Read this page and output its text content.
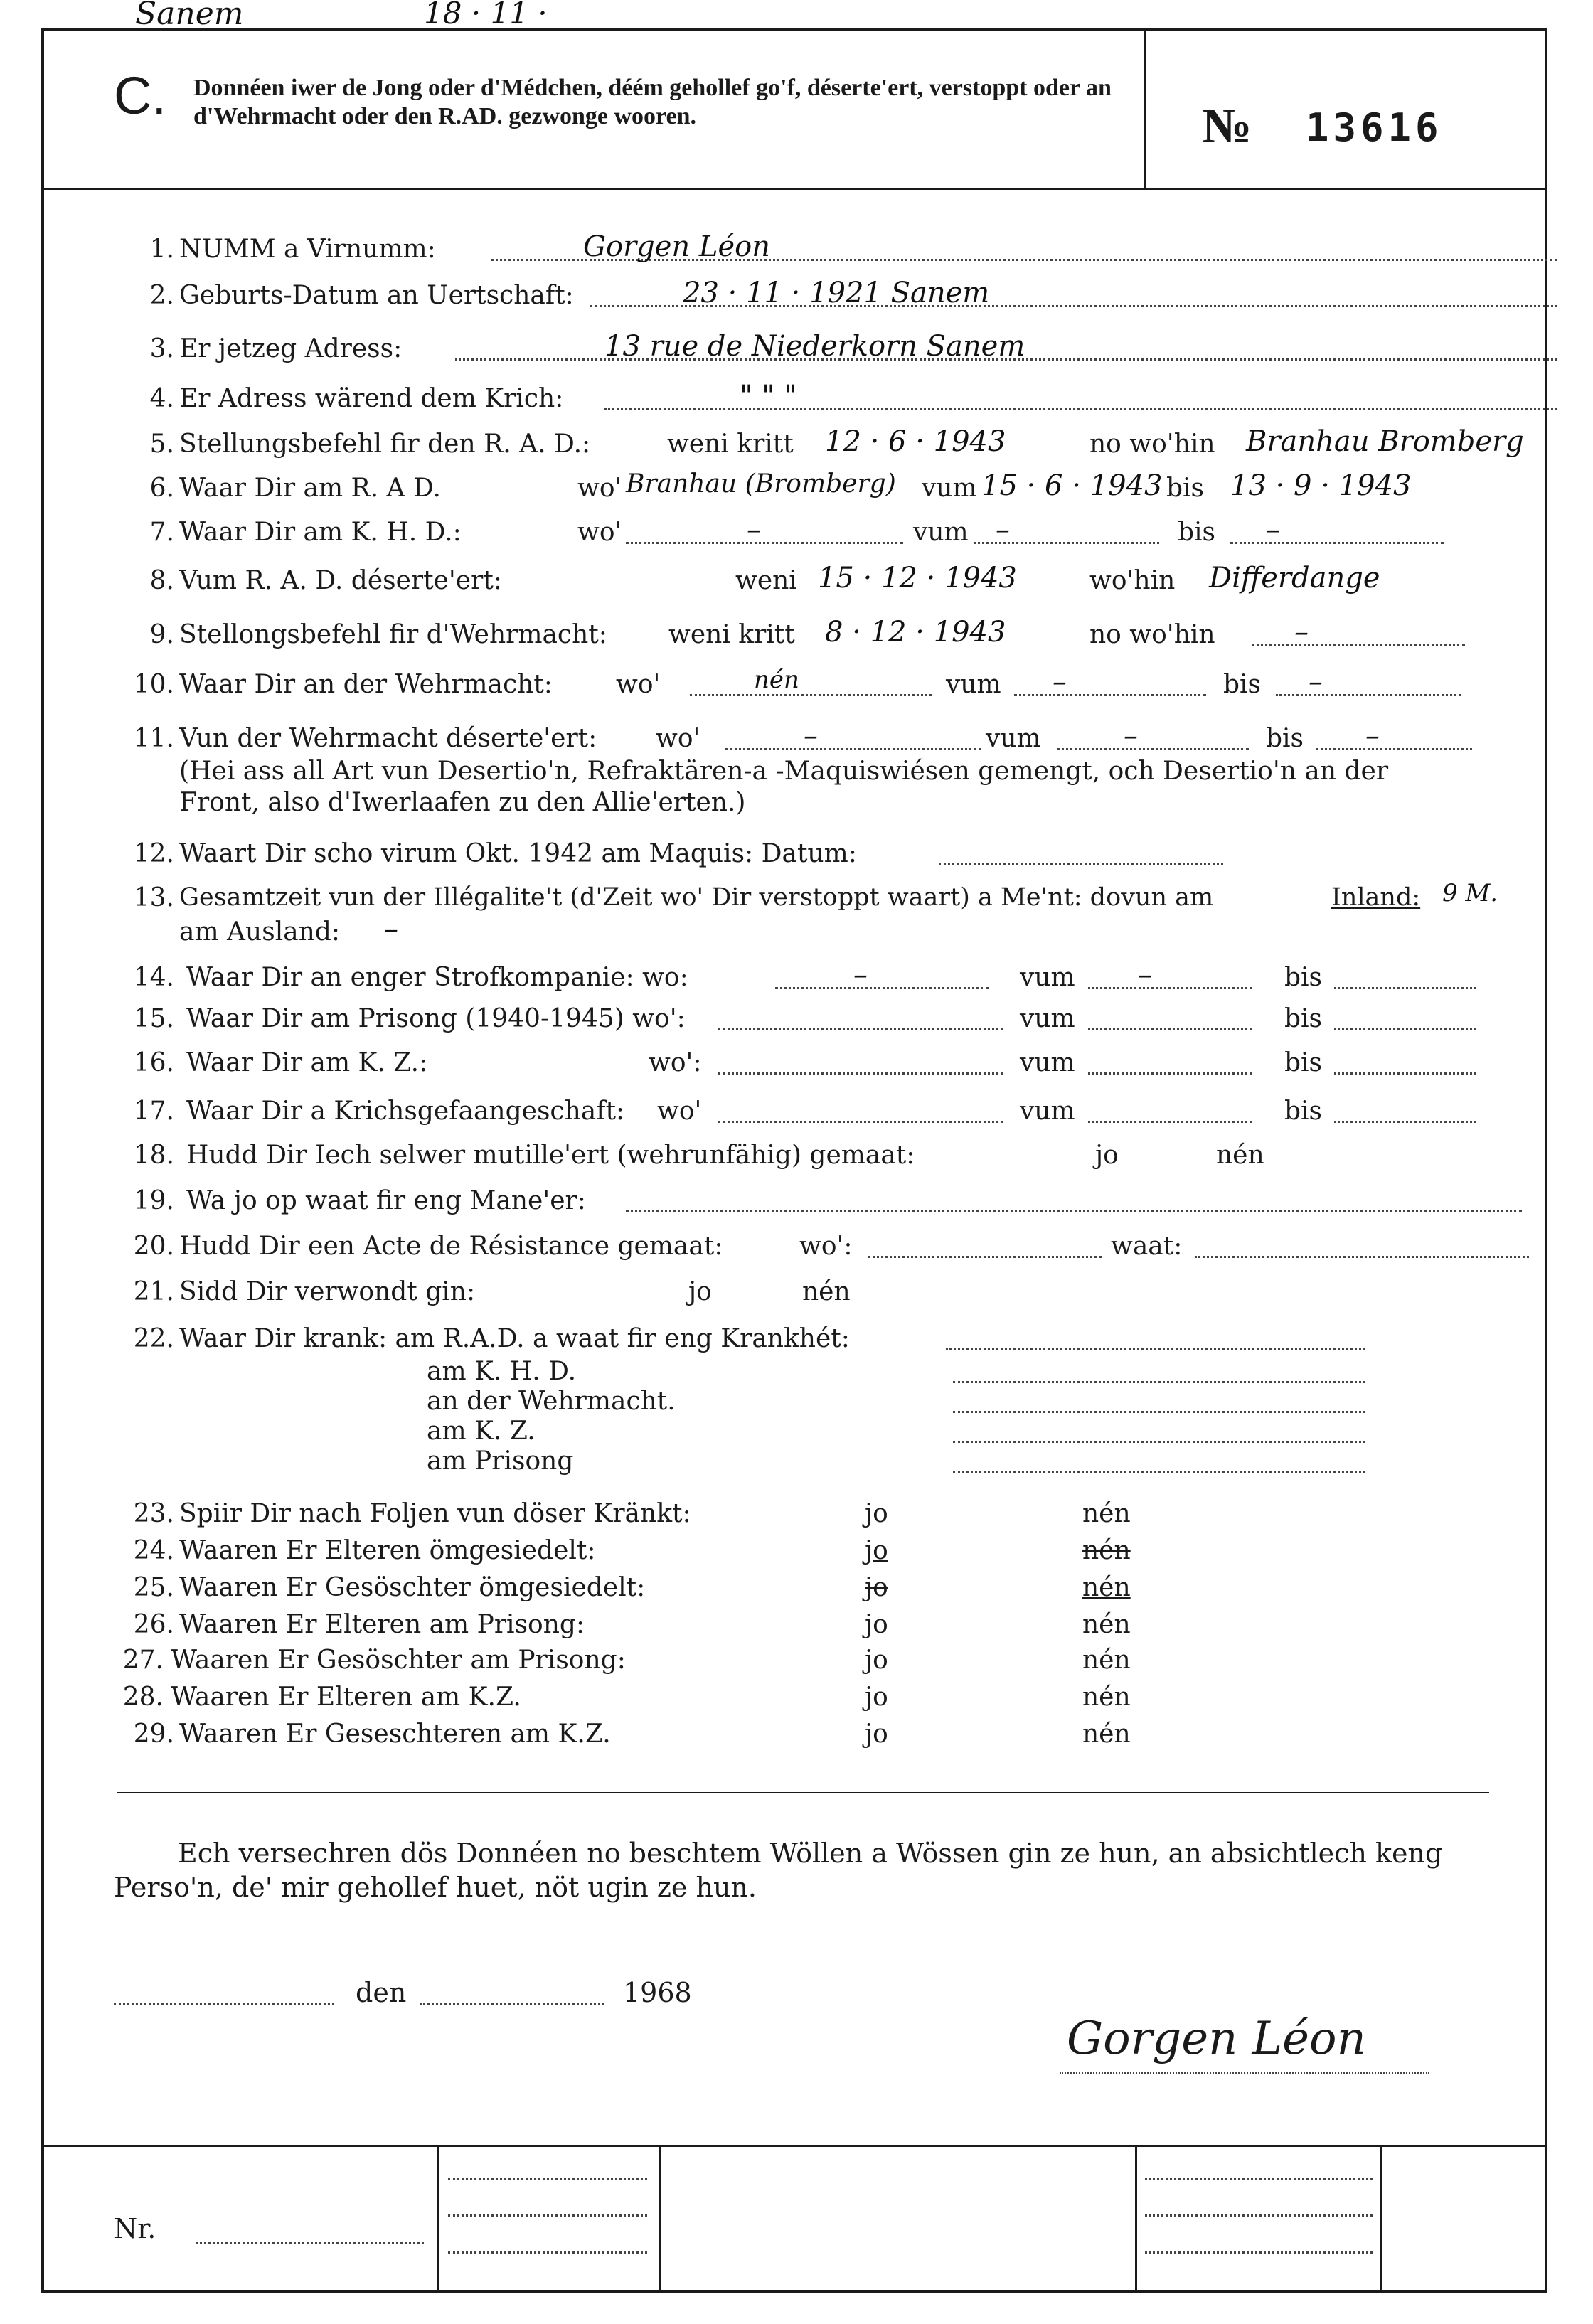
C. Donnéen iwer de Jong oder d'Médchen, déém gehollef go'f, déserte'ert, verstoppt oder an d'Wehrmacht oder den R.AD. gezwonge wooren.	№ 13616
1. NUMM a Virnumm:	Gorgen Léon
2. Geburts-Datum an Uertschaft:	23 · 11 · 1921 Sanem
3. Er jetzeg Adress:	13 rue de Niederkorn Sanem
4. Er Adress wärend dem Krich:	" " "
5. Stellungsbefehl fir den R. A. D.:	weni kritt 12 · 6 · 1943	no wo'hin Branhau Bromberg
6. Waar Dir am R. A D.	wo' Branhau (Bromberg) vum 15 · 6 · 1943 bis 13 · 9 · 1943
7. Waar Dir am K. H. D.:	wo'	–	vum –	bis –
8. Vum R. A. D. déserte'ert:	weni 15 · 12 · 1943	wo'hin Differdange
9. Stellongsbefehl fir d'Wehrmacht: weni kritt 8 · 12 · 1943	no wo'hin	–
10. Waar Dir an der Wehrmacht: wo'	nén	vum –	bis –
11. Vun der Wehrmacht déserte'ert: wo'	–	vum	–	bis –
(Hei ass all Art vun Desertio'n, Refraktären-a -Maquiswiésen gemengt, och Desertio'n an der
Front, also d'Iwerlaafen zu den Allie'erten.)
12. Waart Dir scho virum Okt. 1942 am Maquis: Datum:
13. Gesamtzeit vun der Illégalite't (d'Zeit wo' Dir verstoppt waart) a Me'nt: dovun am	Inland: 9 M.
am Ausland: –
14. Waar Dir an enger Strofkompanie: wo:	–	vum –	bis
15. Waar Dir am Prisong (1940-1945) wo':	vum	bis
16. Waar Dir am K. Z.:	wo':	vum	bis
17. Waar Dir a Krichsgefaangeschaft: wo'	vum	bis
18. Hudd Dir Iech selwer mutille'ert (wehrunfähig) gemaat:	jo	nén
19. Wa jo op waat fir eng Mane'er:
20. Hudd Dir een Acte de Résistance gemaat:	wo':	waat:
21. Sidd Dir verwondt gin:	jo	nén
22. Waar Dir krank: am R.A.D. a waat fir eng Krankhét:
am K. H. D.
an der Wehrmacht.
am K. Z.
am Prisong
23. Spiir Dir nach Foljen vun döser Kränkt:	jo	nén
24. Waaren Er Elteren ömgesiedelt:	jo	nén
25. Waaren Er Gesöschter ömgesiedelt:	jo	nén
26. Waaren Er Elteren am Prisong:	jo	nén
27. Waaren Er Gesöschter am Prisong:	jo	nén
28. Waaren Er Elteren am K.Z.	jo	nén
29. Waaren Er Geseschteren am K.Z.	jo	nén
Ech versechren dös Donnéen no beschtem Wöllen a Wössen gin ze hun, an absichtlech keng Perso'n, de' mir gehollef huet, nöt ugin ze hun.
Sanem
den
18 · 11 ·
1968
Gorgen Léon
Nr.
